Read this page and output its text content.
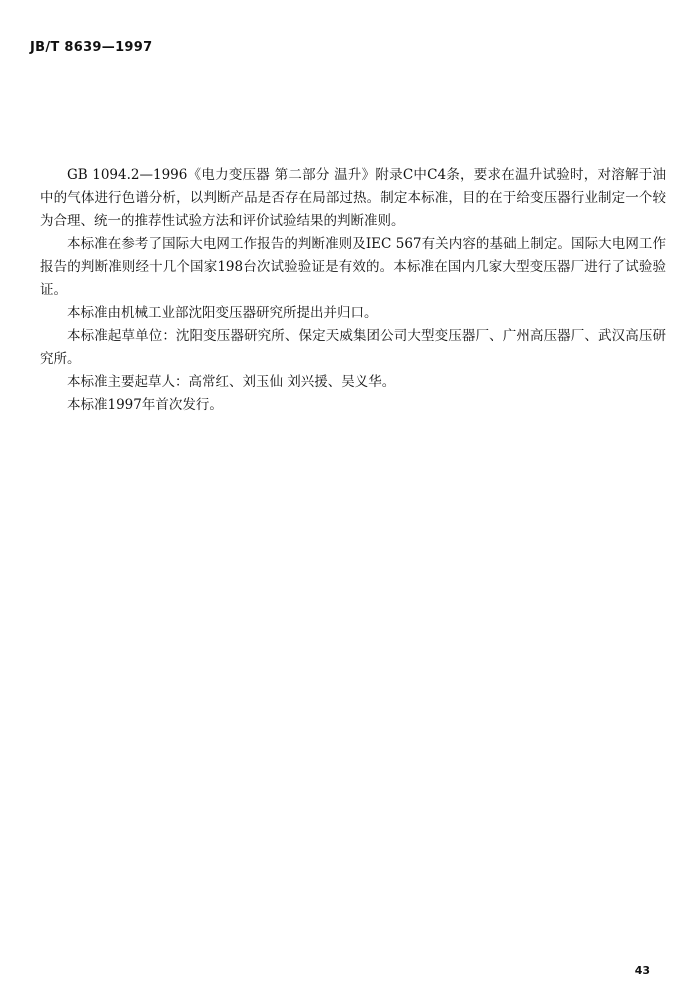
JB/T 8639—1997

GB 1094.2—1996《电力变压器 第二部分 温升》附录C中C4条，要求在温升试验时，对溶解于油中的气体进行色谱分析，以判断产品是否存在局部过热。制定本标准，目的在于给变压器行业制定一个较为合理、统一的推荐性试验方法和评价试验结果的判断准则。

本标准在参考了国际大电网工作报告的判断准则及IEC 567有关内容的基础上制定。国际大电网工作报告的判断准则经十几个国家198台次试验验证是有效的。本标准在国内几家大型变压器厂进行了试验验证。

本标准由机械工业部沈阳变压器研究所提出并归口。

本标准起草单位：沈阳变压器研究所、保定天威集团公司大型变压器厂、广州高压器厂、武汉高压研究所。

本标准主要起草人：高常红、刘玉仙 刘兴援、吴义华。

本标准1997年首次发行。

43
